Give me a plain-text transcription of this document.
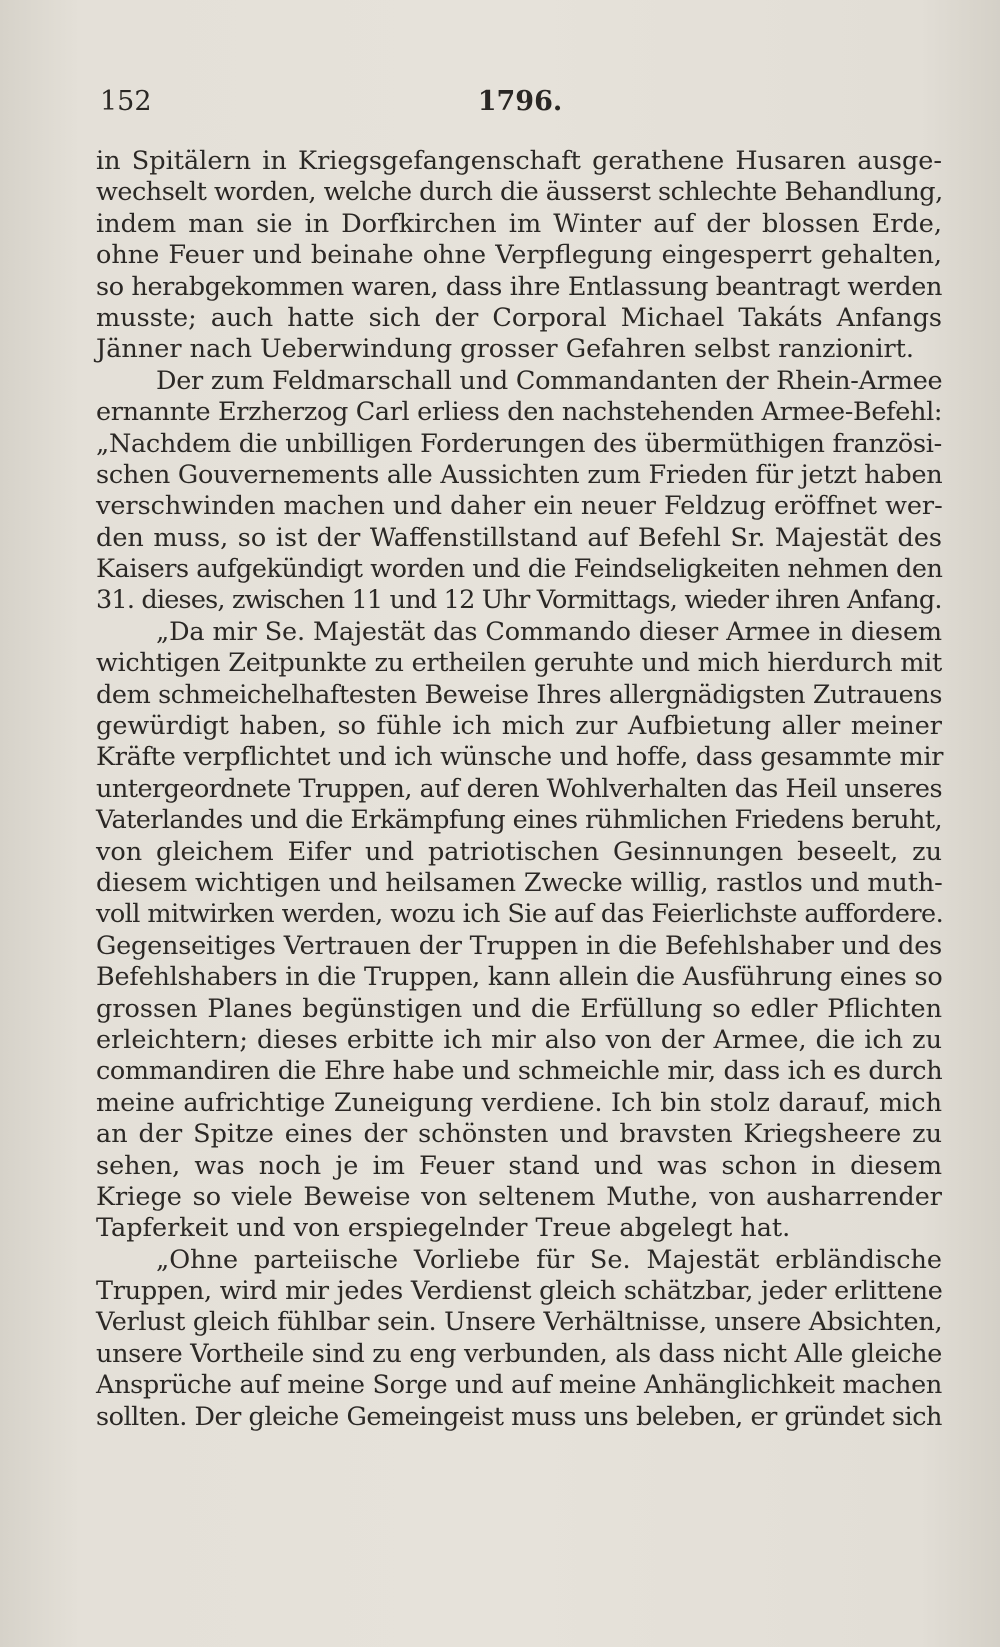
152	1796.
in Spitälern in Kriegsgefangenschaft gerathene Husaren ausge-
wechselt worden, welche durch die äusserst schlechte Behandlung,
indem man sie in Dorfkirchen im Winter auf der blossen Erde,
ohne Feuer und beinahe ohne Verpflegung eingesperrt gehalten,
so herabgekommen waren, dass ihre Entlassung beantragt werden
musste; auch hatte sich der Corporal Michael Takáts Anfangs
Jänner nach Ueberwindung grosser Gefahren selbst ranzionirt.
Der zum Feldmarschall und Commandanten der Rhein-Armee
ernannte Erzherzog Carl erliess den nachstehenden Armee-Befehl:
„Nachdem die unbilligen Forderungen des übermüthigen französi-
schen Gouvernements alle Aussichten zum Frieden für jetzt haben
verschwinden machen und daher ein neuer Feldzug eröffnet wer-
den muss, so ist der Waffenstillstand auf Befehl Sr. Majestät des
Kaisers aufgekündigt worden und die Feindseligkeiten nehmen den
31. dieses, zwischen 11 und 12 Uhr Vormittags, wieder ihren Anfang.
„Da mir Se. Majestät das Commando dieser Armee in diesem
wichtigen Zeitpunkte zu ertheilen geruhte und mich hierdurch mit
dem schmeichelhaftesten Beweise Ihres allergnädigsten Zutrauens
gewürdigt haben, so fühle ich mich zur Aufbietung aller meiner
Kräfte verpflichtet und ich wünsche und hoffe, dass gesammte mir
untergeordnete Truppen, auf deren Wohlverhalten das Heil unseres
Vaterlandes und die Erkämpfung eines rühmlichen Friedens beruht,
von gleichem Eifer und patriotischen Gesinnungen beseelt, zu
diesem wichtigen und heilsamen Zwecke willig, rastlos und muth-
voll mitwirken werden, wozu ich Sie auf das Feierlichste auffordere.
Gegenseitiges Vertrauen der Truppen in die Befehlshaber und des
Befehlshabers in die Truppen, kann allein die Ausführung eines so
grossen Planes begünstigen und die Erfüllung so edler Pflichten
erleichtern; dieses erbitte ich mir also von der Armee, die ich zu
commandiren die Ehre habe und schmeichle mir, dass ich es durch
meine aufrichtige Zuneigung verdiene. Ich bin stolz darauf, mich
an der Spitze eines der schönsten und bravsten Kriegsheere zu
sehen, was noch je im Feuer stand und was schon in diesem
Kriege so viele Beweise von seltenem Muthe, von ausharrender
Tapferkeit und von erspiegelnder Treue abgelegt hat.
„Ohne parteiische Vorliebe für Se. Majestät erbländische
Truppen, wird mir jedes Verdienst gleich schätzbar, jeder erlittene
Verlust gleich fühlbar sein. Unsere Verhältnisse, unsere Absichten,
unsere Vortheile sind zu eng verbunden, als dass nicht Alle gleiche
Ansprüche auf meine Sorge und auf meine Anhänglichkeit machen
sollten. Der gleiche Gemeingeist muss uns beleben, er gründet sich
